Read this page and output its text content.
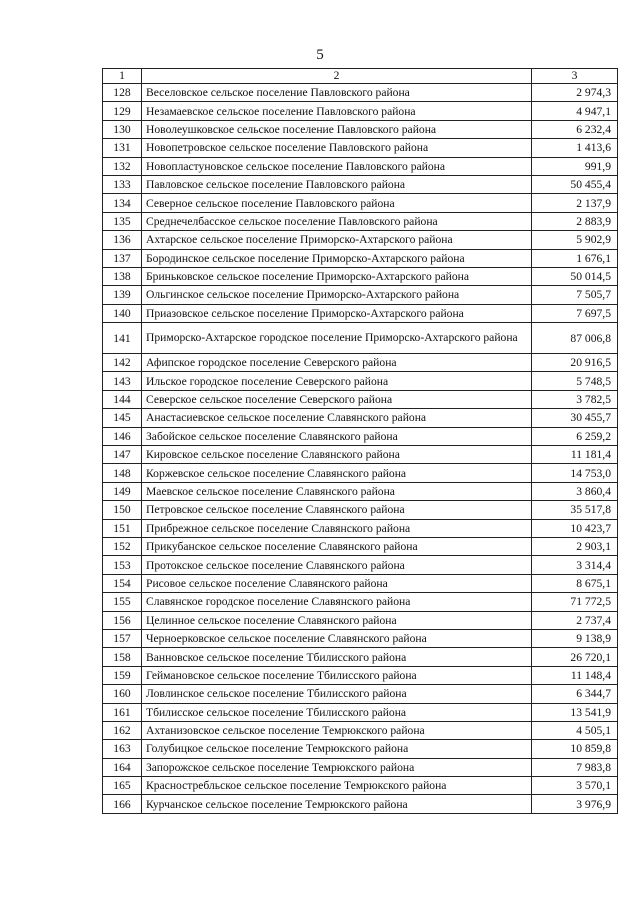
5
1	2	3
128	Веселовское сельское поселение Павловского района	2 974,3
129	Незамаевское сельское поселение Павловского района	4 947,1
130	Новолеушковское сельское поселение Павловского района	6 232,4
131	Новопетровское сельское поселение Павловского района	1 413,6
132	Новопластуновское сельское поселение Павловского района	991,9
133	Павловское сельское поселение Павловского района	50 455,4
134	Северное сельское поселение Павловского района	2 137,9
135	Среднечелбасское сельское поселение Павловского района	2 883,9
136	Ахтарское сельское поселение Приморско-Ахтарского района	5 902,9
137	Бородинское сельское поселение Приморско-Ахтарского района	1 676,1
138	Бриньковское сельское поселение Приморско-Ахтарского района	50 014,5
139	Ольгинское сельское поселение Приморско-Ахтарского района	7 505,7
140	Приазовское сельское поселение Приморско-Ахтарского района	7 697,5
141	Приморско-Ахтарское городское поселение Приморско-Ахтарского района	87 006,8
142	Афипское городское поселение Северского района	20 916,5
143	Ильское городское поселение Северского района	5 748,5
144	Северское сельское поселение Северского района	3 782,5
145	Анастасиевское сельское поселение Славянского района	30 455,7
146	Забойское сельское поселение Славянского района	6 259,2
147	Кировское сельское поселение Славянского района	11 181,4
148	Коржевское сельское поселение Славянского района	14 753,0
149	Маевское сельское поселение Славянского района	3 860,4
150	Петровское сельское поселение Славянского района	35 517,8
151	Прибрежное сельское поселение Славянского района	10 423,7
152	Прикубанское сельское поселение Славянского района	2 903,1
153	Протокское сельское поселение Славянского района	3 314,4
154	Рисовое сельское поселение Славянского района	8 675,1
155	Славянское городское поселение Славянского района	71 772,5
156	Целинное сельское поселение Славянского района	2 737,4
157	Черноерковское сельское поселение Славянского района	9 138,9
158	Ванновское сельское поселение Тбилисского района	26 720,1
159	Геймановское сельское поселение Тбилисского района	11 148,4
160	Ловлинское сельское поселение Тбилисского района	6 344,7
161	Тбилисское сельское поселение Тбилисского района	13 541,9
162	Ахтанизовское сельское поселение Темрюкского района	4 505,1
163	Голубицкое сельское поселение Темрюкского района	10 859,8
164	Запорожское сельское поселение Темрюкского района	7 983,8
165	Красностребльское сельское поселение Темрюкского района	3 570,1
166	Курчанское сельское поселение Темрюкского района	3 976,9
